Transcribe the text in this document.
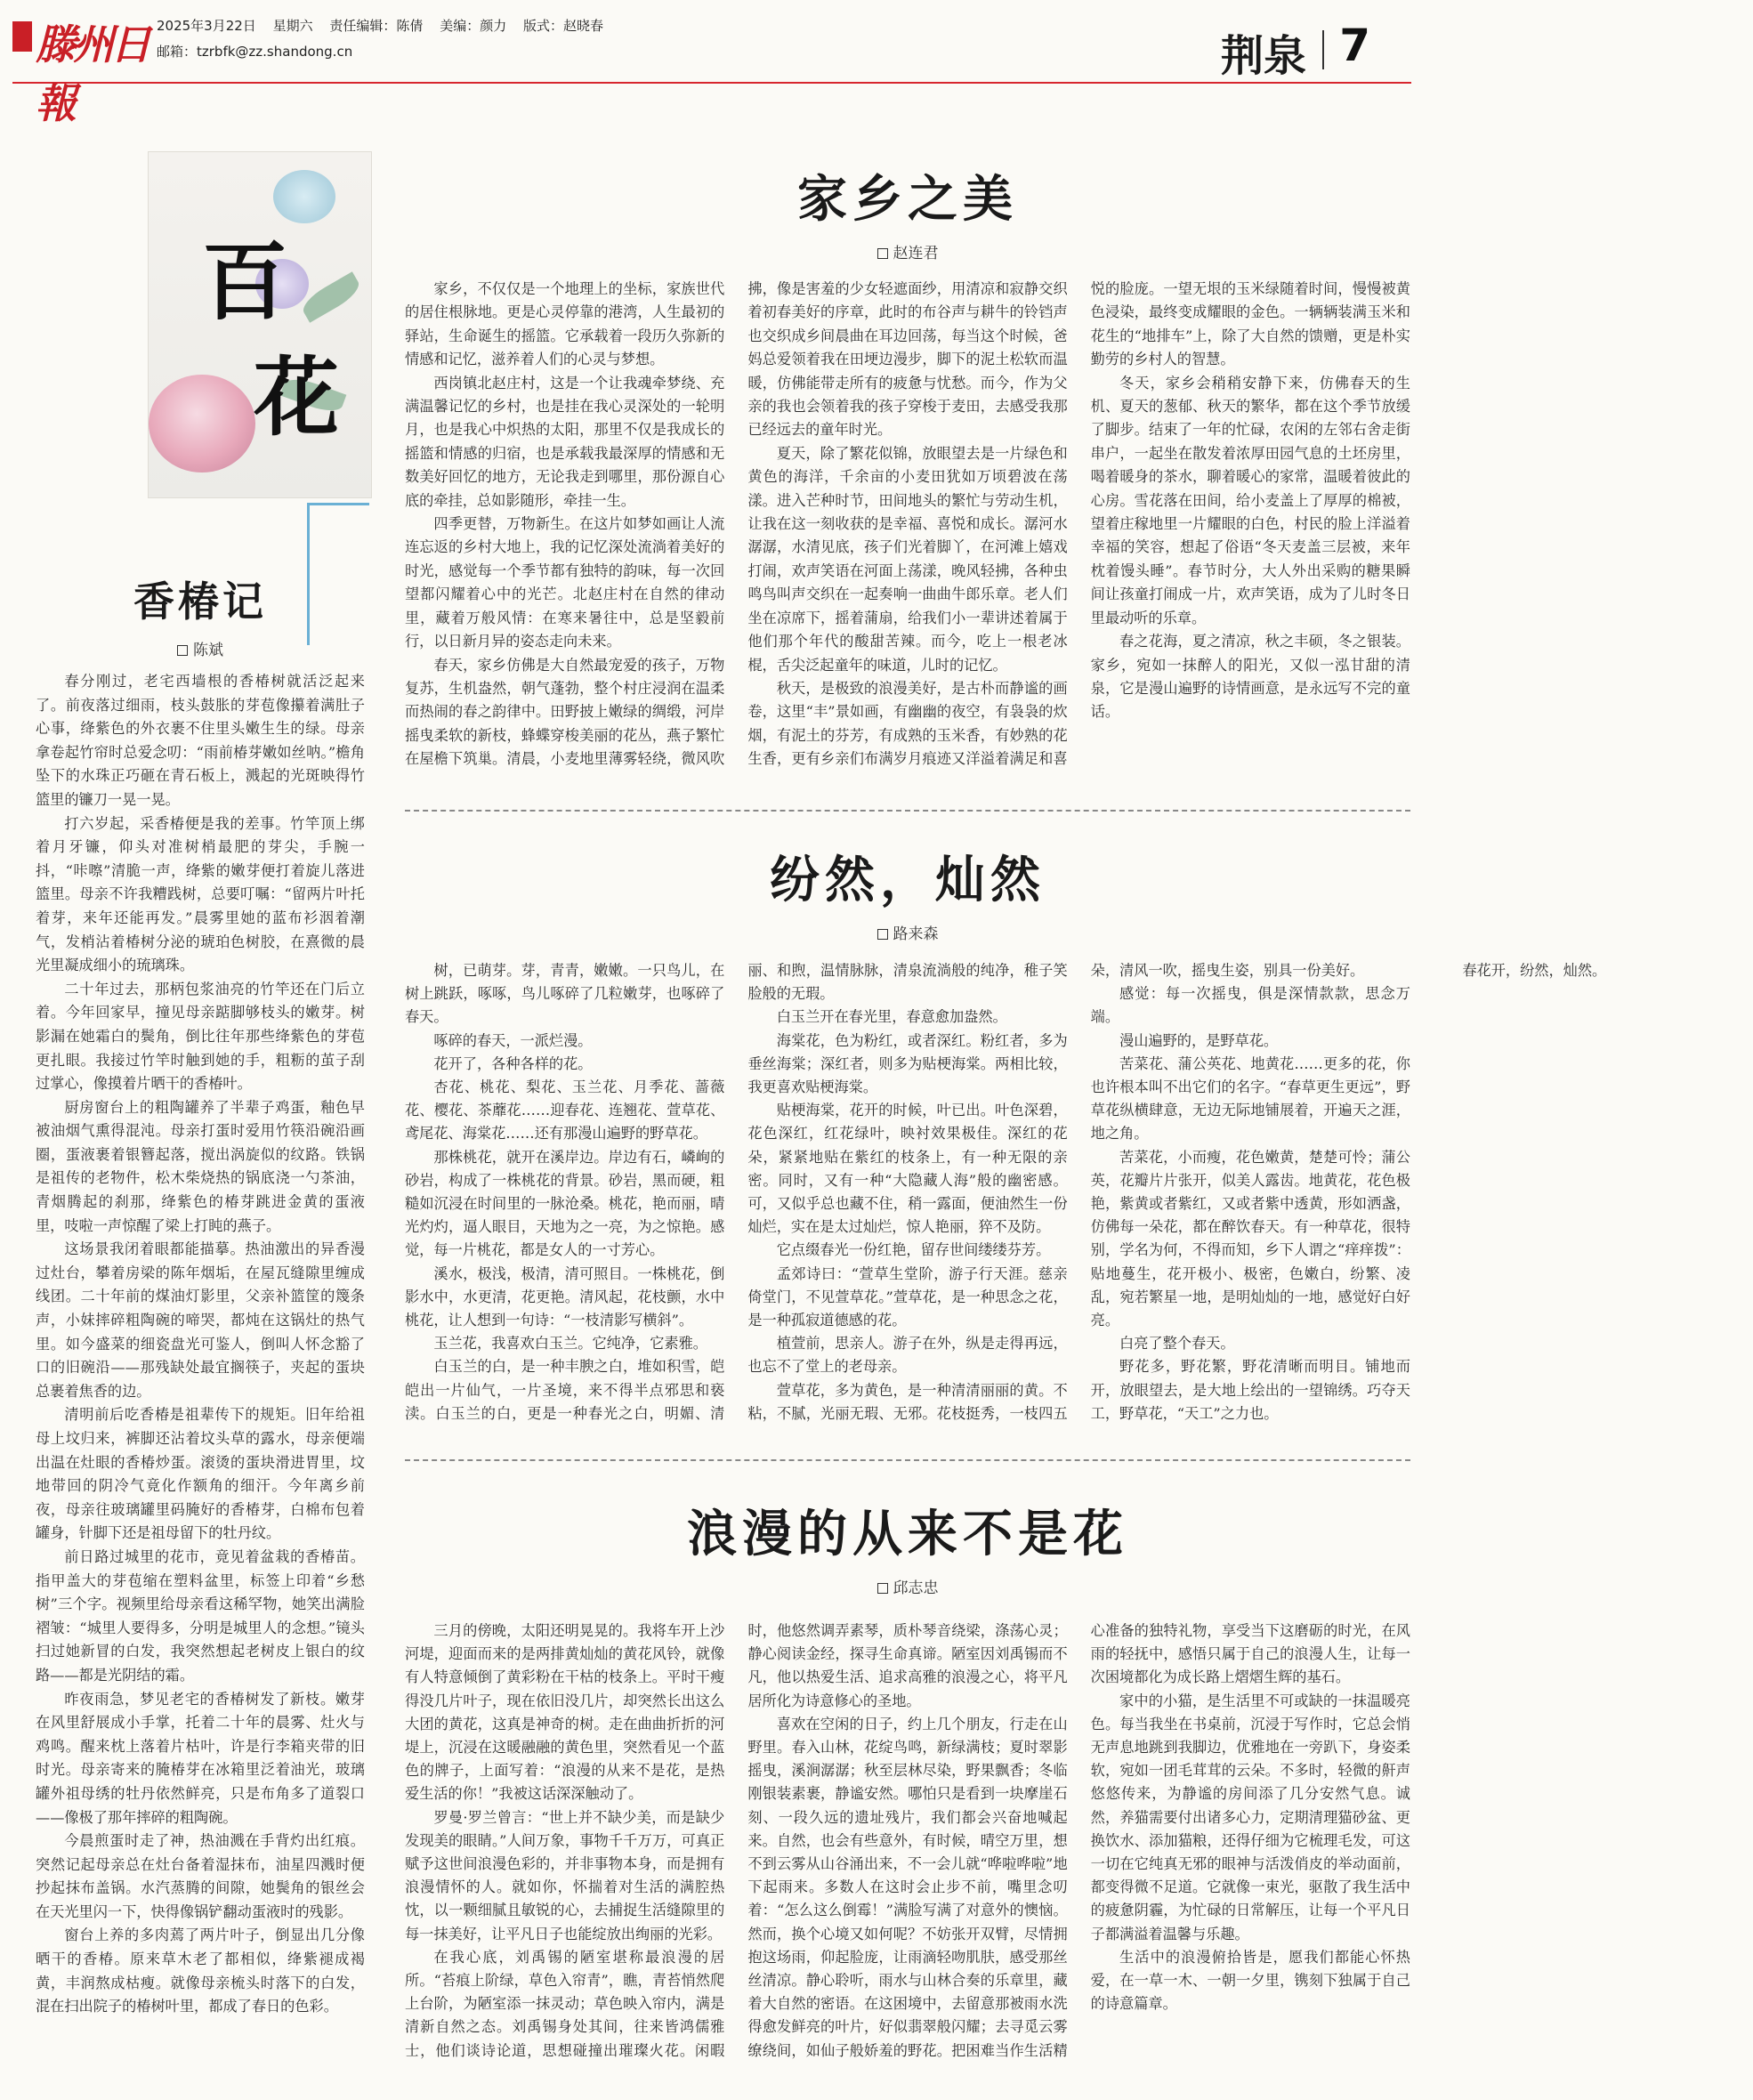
滕州日報
2025年3月22日 星期六 责任编辑：陈倩 美编：颜力 版式：赵晓春
邮箱：tzrbfk@zz.shandong.cn	荆泉 7
百
花
香椿记
陈斌

春分刚过，老宅西墙根的香椿树就活泛起来了。前夜落过细雨，枝头鼓胀的芽苞像攥着满肚子心事，绛紫色的外衣裹不住里头嫩生生的绿。母亲拿卷起竹帘时总爱念叨：“雨前椿芽嫩如丝呐。”檐角坠下的水珠正巧砸在青石板上，溅起的光斑映得竹篮里的镰刀一晃一晃。

打六岁起，采香椿便是我的差事。竹竿顶上绑着月牙镰，仰头对准树梢最肥的芽尖，手腕一抖，“咔嚓”清脆一声，绛紫的嫩芽便打着旋儿落进篮里。母亲不许我糟践树，总要叮嘱：“留两片叶托着芽，来年还能再发。”晨雾里她的蓝布衫洇着潮气，发梢沾着椿树分泌的琥珀色树胶，在熹微的晨光里凝成细小的琉璃珠。

二十年过去，那柄包浆油亮的竹竿还在门后立着。今年回家早，撞见母亲踮脚够枝头的嫩芽。树影漏在她霜白的鬓角，倒比往年那些绛紫色的芽苞更扎眼。我接过竹竿时触到她的手，粗粝的茧子刮过掌心，像摸着片晒干的香椿叶。

厨房窗台上的粗陶罐养了半辈子鸡蛋，釉色早被油烟气熏得混沌。母亲打蛋时爱用竹筷沿碗沿画圈，蛋液裹着银簪起落，搅出涡旋似的纹路。铁锅是祖传的老物件，松木柴烧热的锅底浇一勺茶油，青烟腾起的刹那，绛紫色的椿芽跳进金黄的蛋液里，吱啦一声惊醒了梁上打盹的燕子。

这场景我闭着眼都能描摹。热油激出的异香漫过灶台，攀着房梁的陈年烟垢，在屋瓦缝隙里缠成线团。二十年前的煤油灯影里，父亲补篮筐的篾条声，小妹摔碎粗陶碗的啼哭，都炖在这锅灶的热气里。如今盛菜的细瓷盘光可鉴人，倒叫人怀念豁了口的旧碗沿——那残缺处最宜搁筷子，夹起的蛋块总裹着焦香的边。

清明前后吃香椿是祖辈传下的规矩。旧年给祖母上坟归来，裤脚还沾着坟头草的露水，母亲便端出温在灶眼的香椿炒蛋。滚烫的蛋块滑进胃里，坟地带回的阴冷气竟化作额角的细汗。今年离乡前夜，母亲往玻璃罐里码腌好的香椿芽，白棉布包着罐身，针脚下还是祖母留下的牡丹纹。

前日路过城里的花市，竟见着盆栽的香椿苗。指甲盖大的芽苞缩在塑料盆里，标签上印着“乡愁树”三个字。视频里给母亲看这稀罕物，她笑出满脸褶皱：“城里人要得多，分明是城里人的念想。”镜头扫过她新冒的白发，我突然想起老树皮上银白的纹路——都是光阴结的霜。

昨夜雨急，梦见老宅的香椿树发了新枝。嫩芽在风里舒展成小手掌，托着二十年的晨雾、灶火与鸡鸣。醒来枕上落着片枯叶，许是行李箱夹带的旧时光。母亲寄来的腌椿芽在冰箱里泛着油光，玻璃罐外祖母绣的牡丹依然鲜亮，只是布角多了道裂口——像极了那年摔碎的粗陶碗。

今晨煎蛋时走了神，热油溅在手背灼出红痕。突然记起母亲总在灶台备着湿抹布，油星四溅时便抄起抹布盖锅。水汽蒸腾的间隙，她鬓角的银丝会在天光里闪一下，快得像锅铲翻动蛋液时的残影。

窗台上养的多肉蔫了两片叶子，倒显出几分像晒干的香椿。原来草木老了都相似，绛紫褪成褐黄，丰润熬成枯瘦。就像母亲梳头时落下的白发，混在扫出院子的椿树叶里，都成了春日的色彩。

家乡之美
赵连君

家乡，不仅仅是一个地理上的坐标，家族世代的居住根脉地。更是心灵停靠的港湾，人生最初的驿站，生命诞生的摇篮。它承载着一段历久弥新的情感和记忆，滋养着人们的心灵与梦想。

西岗镇北赵庄村，这是一个让我魂牵梦绕、充满温馨记忆的乡村，也是挂在我心灵深处的一轮明月，也是我心中炽热的太阳，那里不仅是我成长的摇篮和情感的归宿，也是承载我最深厚的情感和无数美好回忆的地方，无论我走到哪里，那份源自心底的牵挂，总如影随形，牵挂一生。

四季更替，万物新生。在这片如梦如画让人流连忘返的乡村大地上，我的记忆深处流淌着美好的时光，感觉每一个季节都有独特的韵味，每一次回望都闪耀着心中的光芒。北赵庄村在自然的律动里，藏着万般风情：在寒来暑往中，总是坚毅前行，以日新月异的姿态走向未来。

春天，家乡仿佛是大自然最宠爱的孩子，万物复苏，生机盎然，朝气蓬勃，整个村庄浸润在温柔而热闹的春之韵律中。田野披上嫩绿的绸缎，河岸摇曳柔软的新枝，蜂蝶穿梭美丽的花丛，燕子繁忙在屋檐下筑巢。清晨，小麦地里薄雾轻绕，微风吹拂，像是害羞的少女轻遮面纱，用清凉和寂静交织着初春美好的序章，此时的布谷声与耕牛的铃铛声也交织成乡间晨曲在耳边回荡，每当这个时候，爸妈总爱领着我在田埂边漫步，脚下的泥土松软而温暖，仿佛能带走所有的疲惫与忧愁。而今，作为父亲的我也会领着我的孩子穿梭于麦田，去感受我那已经远去的童年时光。

夏天，除了繁花似锦，放眼望去是一片绿色和黄色的海洋，千余亩的小麦田犹如万顷碧波在荡漾。进入芒种时节，田间地头的繁忙与劳动生机，让我在这一刻收获的是幸福、喜悦和成长。潺河水潺潺，水清见底，孩子们光着脚丫，在河滩上嬉戏打闹，欢声笑语在河面上荡漾，晚风轻拂，各种虫鸣鸟叫声交织在一起奏响一曲曲牛郎乐章。老人们坐在凉席下，摇着蒲扇，给我们小一辈讲述着属于他们那个年代的酸甜苦辣。而今，吃上一根老冰棍，舌尖泛起童年的味道，儿时的记忆。

秋天，是极致的浪漫美好，是古朴而静谧的画卷，这里“丰”景如画，有幽幽的夜空，有袅袅的炊烟，有泥土的芬芳，有成熟的玉米香，有妙熟的花生香，更有乡亲们布满岁月痕迹又洋溢着满足和喜悦的脸庞。一望无垠的玉米绿随着时间，慢慢被黄色浸染，最终变成耀眼的金色。一辆辆装满玉米和花生的“地排车”上，除了大自然的馈赠，更是朴实勤劳的乡村人的智慧。

冬天，家乡会稍稍安静下来，仿佛春天的生机、夏天的葱郁、秋天的繁华，都在这个季节放缓了脚步。结束了一年的忙碌，农闲的左邻右舍走街串户，一起坐在散发着浓厚田园气息的土坯房里，喝着暖身的茶水，聊着暖心的家常，温暖着彼此的心房。雪花落在田间，给小麦盖上了厚厚的棉被，望着庄稼地里一片耀眼的白色，村民的脸上洋溢着幸福的笑容，想起了俗语“冬天麦盖三层被，来年枕着馒头睡”。春节时分，大人外出采购的糖果瞬间让孩童打闹成一片，欢声笑语，成为了儿时冬日里最动听的乐章。

春之花海，夏之清凉，秋之丰硕，冬之银装。家乡，宛如一抹醉人的阳光，又似一泓甘甜的清泉，它是漫山遍野的诗情画意，是永远写不完的童话。

纷然，灿然
路来森

树，已萌芽。芽，青青，嫩嫩。一只鸟儿，在树上跳跃，啄啄，鸟儿啄碎了几粒嫩芽，也啄碎了春天。

啄碎的春天，一派烂漫。

花开了，各种各样的花。

杏花、桃花、梨花、玉兰花、月季花、蔷薇花、樱花、茶蘼花……迎春花、连翘花、萱草花、鸢尾花、海棠花……还有那漫山遍野的野草花。

那株桃花，就开在溪岸边。岸边有石，嶙峋的砂岩，构成了一株桃花的背景。砂岩，黑而硬，粗糙如沉浸在时间里的一脉沧桑。桃花，艳而丽，晴光灼灼，逼人眼目，天地为之一亮，为之惊艳。感觉，每一片桃花，都是女人的一寸芳心。

溪水，极浅，极清，清可照目。一株桃花，倒影水中，水更清，花更艳。清风起，花枝颤，水中桃花，让人想到一句诗：“一枝清影写横斜”。

玉兰花，我喜欢白玉兰。它纯净，它素雅。

白玉兰的白，是一种丰腴之白，堆如积雪，皑皑出一片仙气，一片圣境，来不得半点邪思和亵渎。白玉兰的白，更是一种春光之白，明媚、清丽、和煦，温情脉脉，清泉流淌般的纯净，稚子笑脸般的无瑕。

白玉兰开在春光里，春意愈加盎然。

海棠花，色为粉红，或者深红。粉红者，多为垂丝海棠；深红者，则多为贴梗海棠。两相比较，我更喜欢贴梗海棠。

贴梗海棠，花开的时候，叶已出。叶色深碧，花色深红，红花绿叶，映衬效果极佳。深红的花朵，紧紧地贴在紫红的枝条上，有一种无限的亲密。同时，又有一种“大隐藏人海”般的幽密感。可，又似乎总也藏不住，稍一露面，便油然生一份灿烂，实在是太过灿烂，惊人艳丽，猝不及防。

它点缀春光一份红艳，留存世间缕缕芬芳。

孟郊诗曰：“萱草生堂阶，游子行天涯。慈亲倚堂门，不见萱草花。”萱草花，是一种思念之花，是一种孤寂道德感的花。

植萱前，思亲人。游子在外，纵是走得再远，也忘不了堂上的老母亲。

萱草花，多为黄色，是一种清清丽丽的黄。不粘，不腻，光丽无瑕、无邪。花枝挺秀，一枝四五朵，清风一吹，摇曳生姿，别具一份美好。

感觉：每一次摇曳，俱是深情款款，思念万端。

漫山遍野的，是野草花。

苦菜花、蒲公英花、地黄花……更多的花，你也许根本叫不出它们的名字。“春草更生更远”，野草花纵横肆意，无边无际地铺展着，开遍天之涯，地之角。

苦菜花，小而瘦，花色嫩黄，楚楚可怜；蒲公英，花瓣片片张开，似美人露齿。地黄花，花色极艳，紫黄或者紫红，又或者紫中透黄，形如洒盏，仿佛每一朵花，都在醉饮春天。有一种草花，很特别，学名为何，不得而知，乡下人谓之“痒痒拨”：贴地蔓生，花开极小、极密，色嫩白，纷繁、凌乱，宛若繁星一地，是明灿灿的一地，感觉好白好亮。

白亮了整个春天。

野花多，野花繁，野花清晰而明目。铺地而开，放眼望去，是大地上绘出的一望锦绣。巧夺天工，野草花，“天工”之力也。

春花开，纷然，灿然。

浪漫的从来不是花
邱志忠

三月的傍晚，太阳还明晃晃的。我将车开上沙河堤，迎面而来的是两排黄灿灿的黄花风铃，就像有人特意倾倒了黄彩粉在干枯的枝条上。平时干瘦得没几片叶子，现在依旧没几片，却突然长出这么大团的黄花，这真是神奇的树。走在曲曲折折的河堤上，沉浸在这暖融融的黄色里，突然看见一个蓝色的牌子，上面写着：“浪漫的从来不是花，是热爱生活的你！”我被这话深深触动了。

罗曼·罗兰曾言：“世上并不缺少美，而是缺少发现美的眼睛。”人间万象，事物千千万万，可真正赋予这世间浪漫色彩的，并非事物本身，而是拥有浪漫情怀的人。就如你，怀揣着对生活的满腔热忱，以一颗细腻且敏锐的心，去捕捉生活缝隙里的每一抹美好，让平凡日子也能绽放出绚丽的光彩。

在我心底，刘禹锡的陋室堪称最浪漫的居所。“苔痕上阶绿，草色入帘青”，瞧，青苔悄然爬上台阶，为陋室添一抹灵动；草色映入帘内，满是清新自然之态。刘禹锡身处其间，往来皆鸿儒雅士，他们谈诗论道，思想碰撞出璀璨火花。闲暇时，他悠然调弄素琴，质朴琴音绕梁，涤荡心灵；静心阅读金经，探寻生命真谛。陋室因刘禹锡而不凡，他以热爱生活、追求高雅的浪漫之心，将平凡居所化为诗意修心的圣地。

喜欢在空闲的日子，约上几个朋友，行走在山野里。春入山林，花绽鸟鸣，新绿满枝；夏时翠影摇曳，溪涧潺潺；秋至层林尽染，野果飘香；冬临刚银装素裹，静谧安然。哪怕只是看到一块摩崖石刻、一段久远的遗址残片，我们都会兴奋地喊起来。自然，也会有些意外，有时候，晴空万里，想不到云雾从山谷涌出来，不一会儿就“哗啦哗啦”地下起雨来。多数人在这时会止步不前，嘴里念叨着：“怎么这么倒霉！”满脸写满了对意外的懊恼。然而，换个心境又如何呢？不妨张开双臂，尽情拥抱这场雨，仰起脸庞，让雨滴轻吻肌肤，感受那丝丝清凉。静心聆听，雨水与山林合奏的乐章里，藏着大自然的密语。在这困境中，去留意那被雨水洗得愈发鲜亮的叶片，好似翡翠般闪耀；去寻觅云雾缭绕间，如仙子般娇羞的野花。把困难当作生活精心准备的独特礼物，享受当下这磨砺的时光，在风雨的轻抚中，感悟只属于自己的浪漫人生，让每一次困境都化为成长路上熠熠生辉的基石。

家中的小猫，是生活里不可或缺的一抹温暖亮色。每当我坐在书桌前，沉浸于写作时，它总会悄无声息地跳到我脚边，优雅地在一旁趴下，身姿柔软，宛如一团毛茸茸的云朵。不多时，轻微的鼾声悠悠传来，为静谧的房间添了几分安然气息。诚然，养猫需要付出诸多心力，定期清理猫砂盆、更换饮水、添加猫粮，还得仔细为它梳理毛发，可这一切在它纯真无邪的眼神与活泼俏皮的举动面前，都变得微不足道。它就像一束光，驱散了我生活中的疲惫阴霾，为忙碌的日常解压，让每一个平凡日子都满溢着温馨与乐趣。

生活中的浪漫俯拾皆是，愿我们都能心怀热爱，在一草一木、一朝一夕里，镌刻下独属于自己的诗意篇章。
